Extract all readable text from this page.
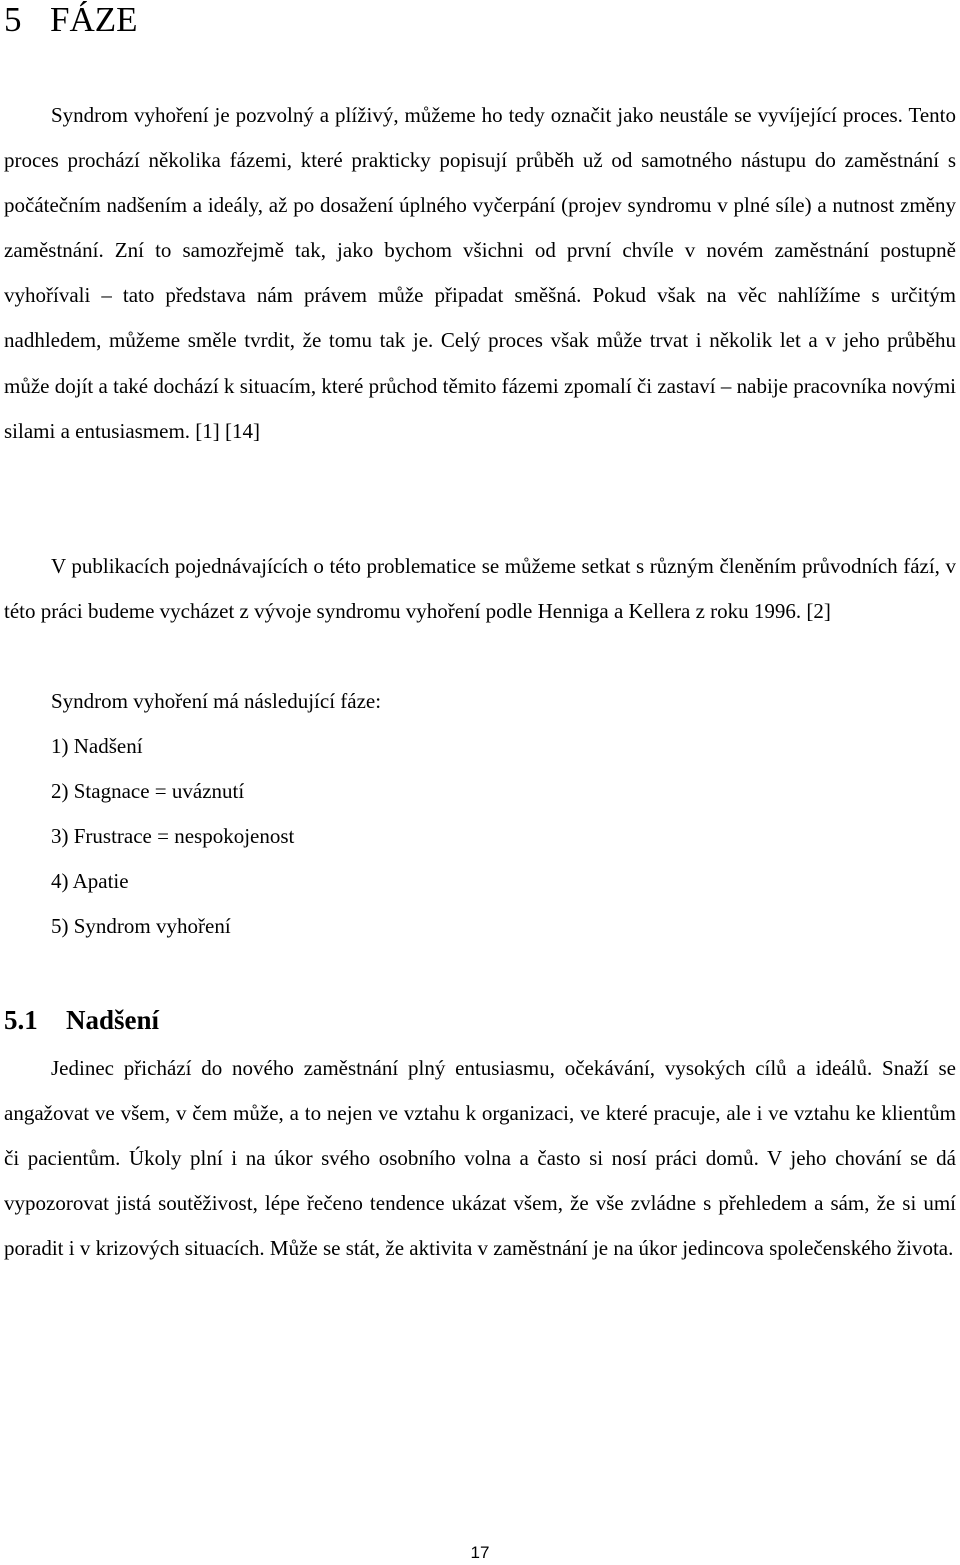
5 FÁZE

Syndrom vyhoření je pozvolný a plíživý, můžeme ho tedy označit jako neustále se vyvíjející proces. Tento proces prochází několika fázemi, které prakticky popisují průběh už od samotného nástupu do zaměstnání s počátečním nadšením a ideály, až po dosažení úplného vyčerpání (projev syndromu v plné síle) a nutnost změny zaměstnání. Zní to samozřejmě tak, jako bychom všichni od první chvíle v novém zaměstnání postupně vyhořívali – tato představa nám právem může připadat směšná. Pokud však na věc nahlížíme s určitým nadhledem, můžeme směle tvrdit, že tomu tak je. Celý proces však může trvat i několik let a v jeho průběhu může dojít a také dochází k situacím, které průchod těmito fázemi zpomalí či zastaví – nabije pracovníka novými silami a entusiasmem. [1] [14]

V publikacích pojednávajících o této problematice se můžeme setkat s různým členěním průvodních fází, v této práci budeme vycházet z vývoje syndromu vyhoření podle Henniga a Kellera z roku 1996. [2]

Syndrom vyhoření má následující fáze:
1) Nadšení
2) Stagnace = uváznutí
3) Frustrace = nespokojenost
4) Apatie
5) Syndrom vyhoření
5.1 Nadšení

Jedinec přichází do nového zaměstnání plný entusiasmu, očekávání, vysokých cílů a ideálů. Snaží se angažovat ve všem, v čem může, a to nejen ve vztahu k organizaci, ve které pracuje, ale i ve vztahu ke klientům či pacientům. Úkoly plní i na úkor svého osobního volna a často si nosí práci domů. V jeho chování se dá vypozorovat jistá soutěživost, lépe řečeno tendence ukázat všem, že vše zvládne s přehledem a sám, že si umí poradit i v krizových situacích. Může se stát, že aktivita v zaměstnání je na úkor jedincova společenského života.

17
